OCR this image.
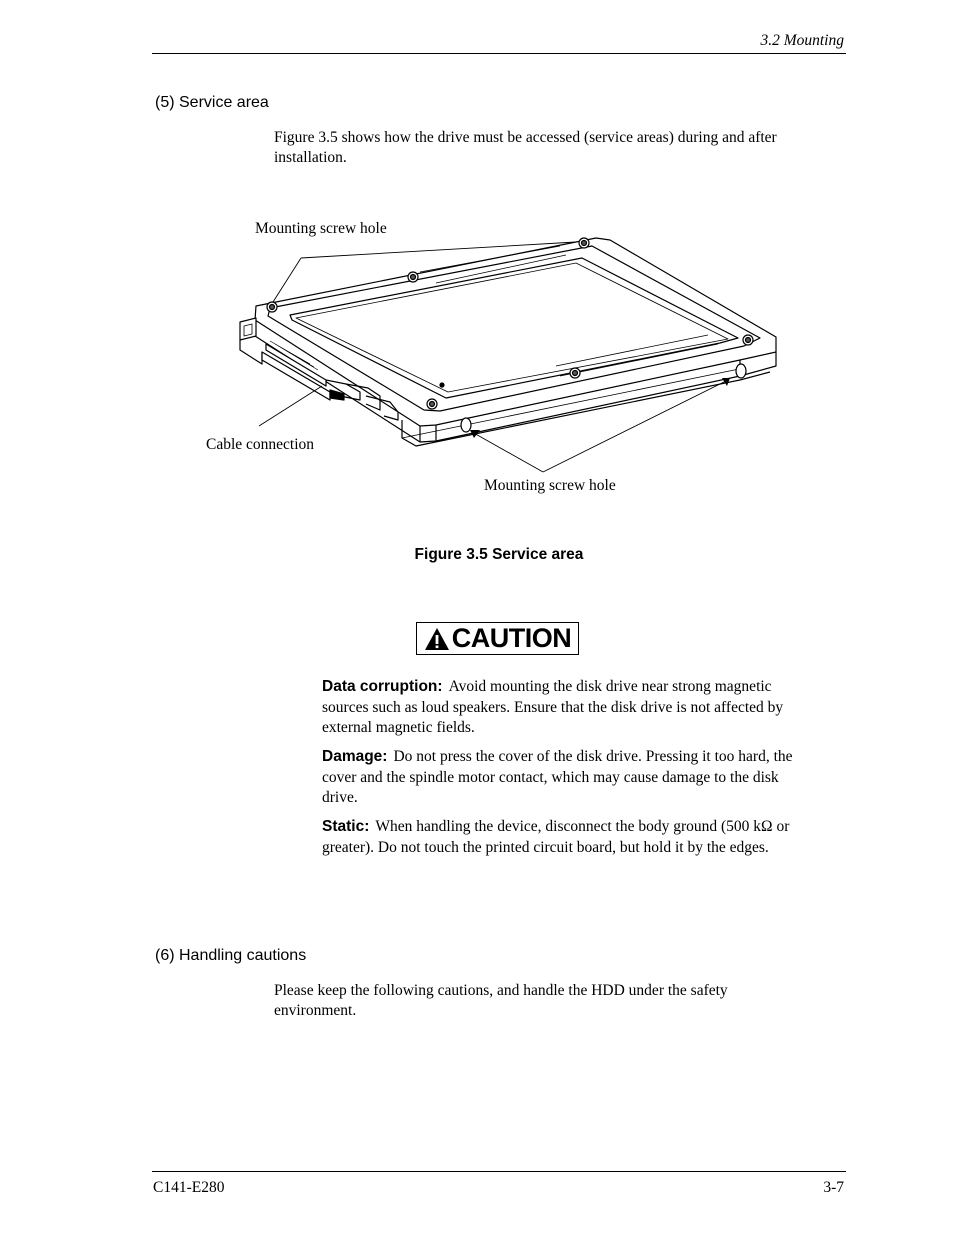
3.2 Mounting
(5) Service area
Figure 3.5 shows how the drive must be accessed (service areas) during and after installation.
Mounting screw hole
Cable connection
Mounting screw hole
Figure 3.5 Service area
CAUTION
Data corruption: Avoid mounting the disk drive near strong magnetic sources such as loud speakers. Ensure that the disk drive is not affected by external magnetic fields.
Damage: Do not press the cover of the disk drive. Pressing it too hard, the cover and the spindle motor contact, which may cause damage to the disk drive.
Static: When handling the device, disconnect the body ground (500 kΩ or greater). Do not touch the printed circuit board, but hold it by the edges.
(6) Handling cautions
Please keep the following cautions, and handle the HDD under the safety environment.
C141-E280	3-7
